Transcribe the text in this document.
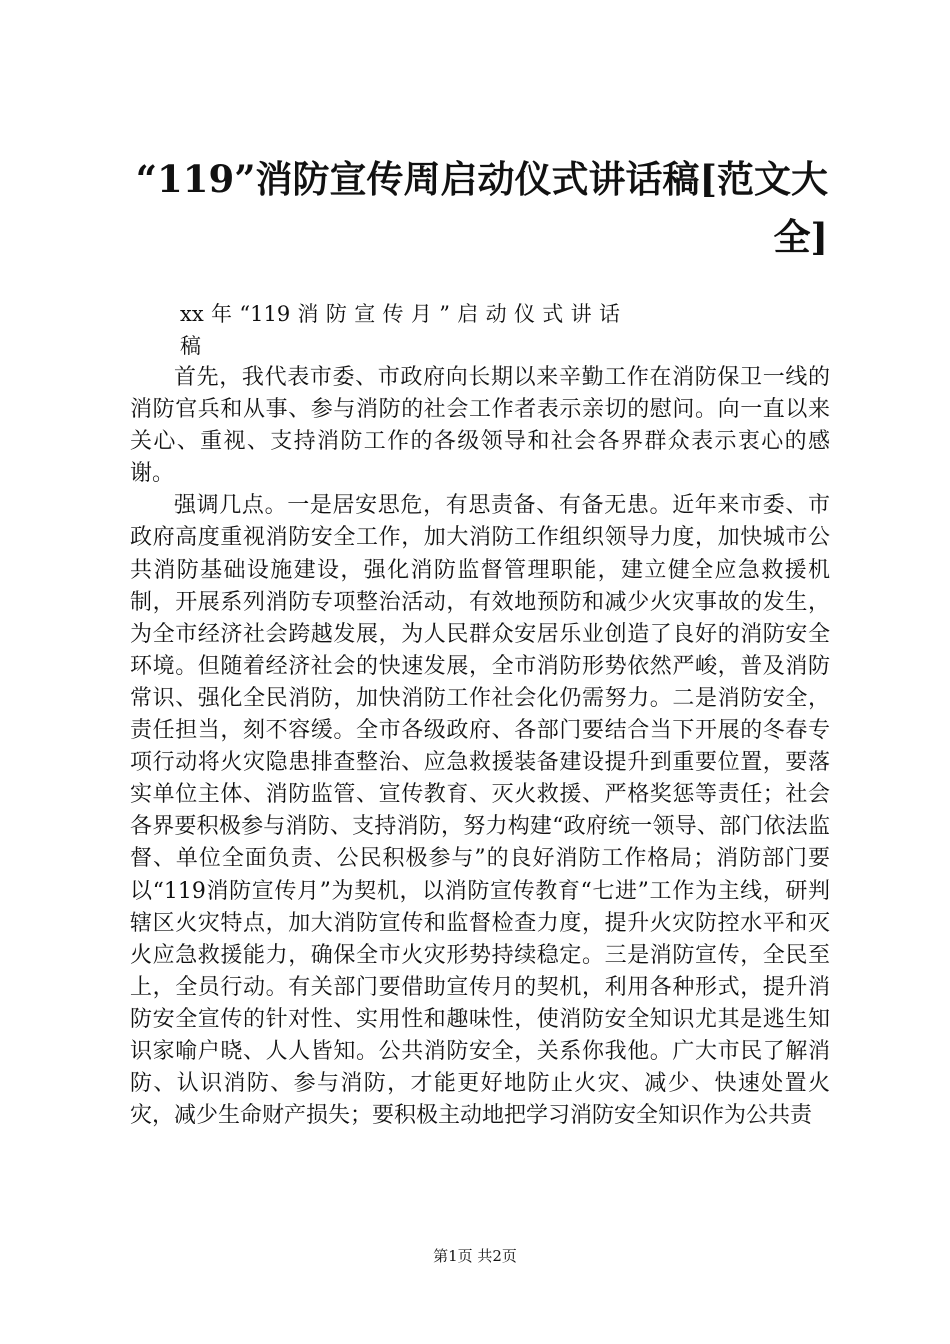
“119”消防宣传周启动仪式讲话稿[范文大全]

xx年“119消防宣传月”启动仪式讲话

稿

首先，我代表市委、市政府向长期以来辛勤工作在消防保卫一线的消防官兵和从事、参与消防的社会工作者表示亲切的慰问。向一直以来关心、重视、支持消防工作的各级领导和社会各界群众表示衷心的感谢。

强调几点。一是居安思危，有思责备、有备无患。近年来市委、市政府高度重视消防安全工作，加大消防工作组织领导力度，加快城市公共消防基础设施建设，强化消防监督管理职能，建立健全应急救援机制，开展系列消防专项整治活动，有效地预防和减少火灾事故的发生，为全市经济社会跨越发展，为人民群众安居乐业创造了良好的消防安全环境。但随着经济社会的快速发展，全市消防形势依然严峻，普及消防常识、强化全民消防，加快消防工作社会化仍需努力。二是消防安全，责任担当，刻不容缓。全市各级政府、各部门要结合当下开展的冬春专项行动将火灾隐患排查整治、应急救援装备建设提升到重要位置，要落实单位主体、消防监管、宣传教育、灭火救援、严格奖惩等责任；社会各界要积极参与消防、支持消防，努力构建“政府统一领导、部门依法监督、单位全面负责、公民积极参与”的良好消防工作格局；消防部门要以“119消防宣传月”为契机，以消防宣传教育“七进”工作为主线，研判辖区火灾特点，加大消防宣传和监督检查力度，提升火灾防控水平和灭火应急救援能力，确保全市火灾形势持续稳定。三是消防宣传，全民至上，全员行动。有关部门要借助宣传月的契机，利用各种形式，提升消防安全宣传的针对性、实用性和趣味性，使消防安全知识尤其是逃生知识家喻户晓、人人皆知。公共消防安全，关系你我他。广大市民了解消防、认识消防、参与消防，才能更好地防止火灾、减少、快速处置火灾，减少生命财产损失；要积极主动地把学习消防安全知识作为公共责

第1页 共2页
